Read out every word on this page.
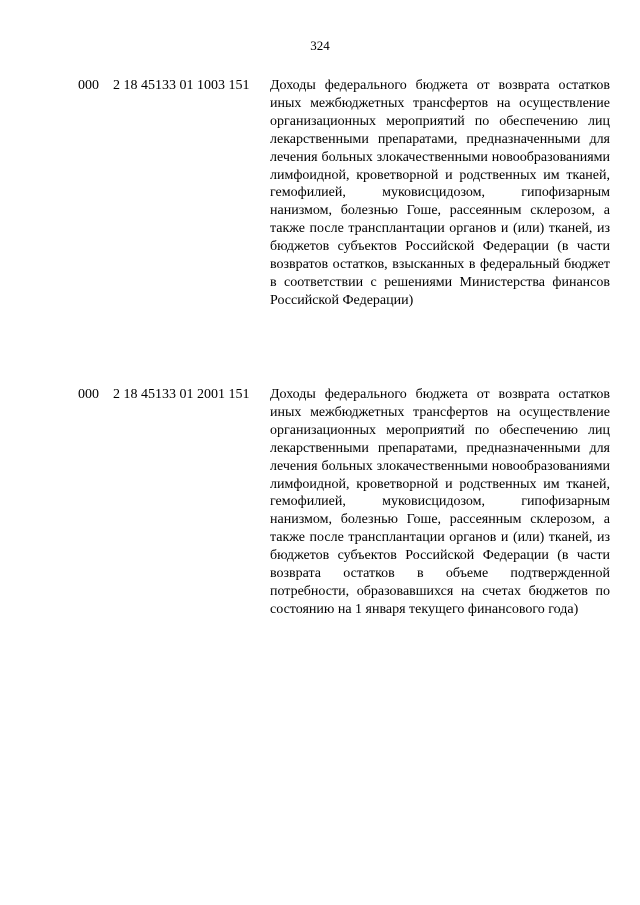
324
000 2 18 45133 01 1003 151 Доходы федерального бюджета от возврата остатков иных межбюджетных трансфертов на осуществление организационных мероприятий по обеспечению лиц лекарственными препаратами, предназначенными для лечения больных злокачественными новообразованиями лимфоидной, кроветворной и родственных им тканей, гемофилией, муковисцидозом, гипофизарным нанизмом, болезнью Гоше, рассеянным склерозом, а также после трансплантации органов и (или) тканей, из бюджетов субъектов Российской Федерации (в части возвратов остатков, взысканных в федеральный бюджет в соответствии с решениями Министерства финансов Российской Федерации)
000 2 18 45133 01 2001 151 Доходы федерального бюджета от возврата остатков иных межбюджетных трансфертов на осуществление организационных мероприятий по обеспечению лиц лекарственными препаратами, предназначенными для лечения больных злокачественными новообразованиями лимфоидной, кроветворной и родственных им тканей, гемофилией, муковисцидозом, гипофизарным нанизмом, болезнью Гоше, рассеянным склерозом, а также после трансплантации органов и (или) тканей, из бюджетов субъектов Российской Федерации (в части возврата остатков в объеме подтвержденной потребности, образовавшихся на счетах бюджетов по состоянию на 1 января текущего финансового года)
